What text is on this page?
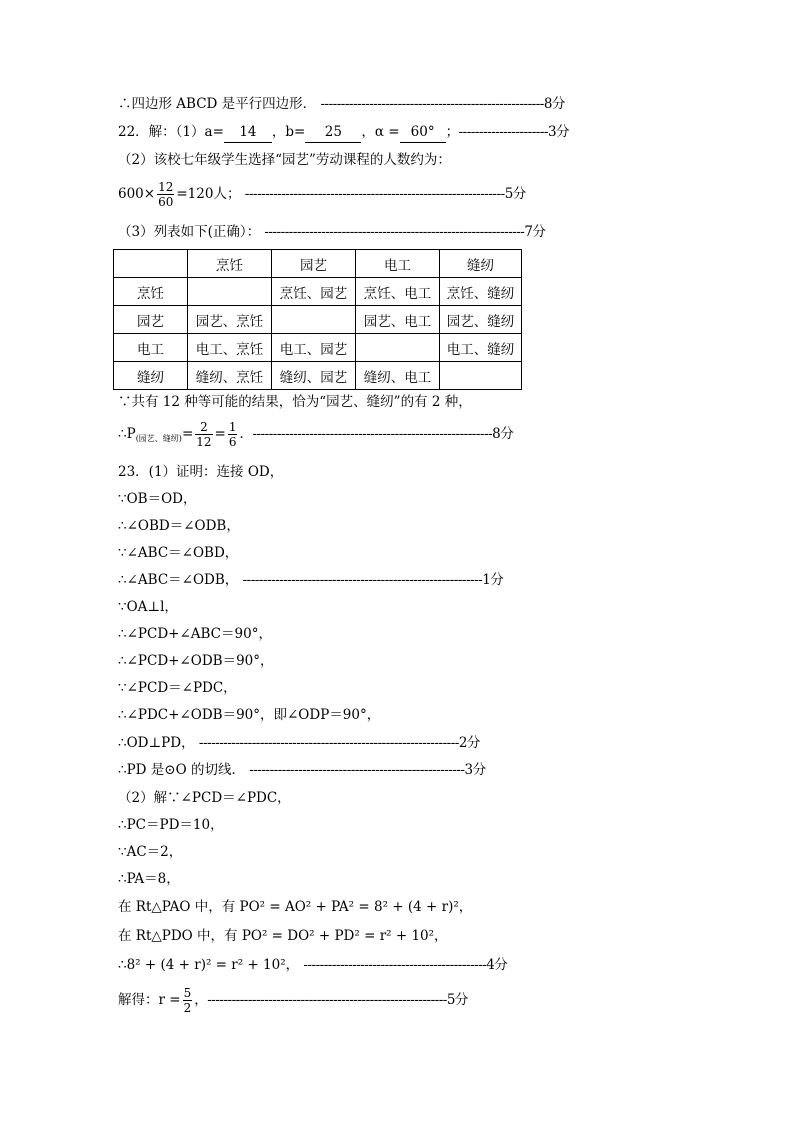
∴四边形 ABCD 是平行四边形． -------------------------------------------------------8分
22．解：（1）a= 14 ，b= 25 ，α = 60° ；----------------------3分
（2）该校七年级学生选择“园艺”劳动课程的人数约为：
$600\times \frac{12}{60} =120$人； ----------------------------------------------------------------5分
（3）列表如下(正确）： ----------------------------------------------------------------7分
	烹饪	园艺	电工	缝纫
烹饪		烹饪、园艺	烹饪、电工	烹饪、缝纫
园艺	园艺、烹饪		园艺、电工	园艺、缝纫
电工	电工、烹饪	电工、园艺		电工、缝纫
缝纫	缝纫、烹饪	缝纫、园艺	缝纫、电工	
∵共有 12 种等可能的结果，恰为“园艺、缝纫”的有 2 种，
$\therefore P_{(园艺、缝纫)}= \frac{2}{12} = \frac{1}{6}$ ．-----------------------------------------------------------8分
23．(1）证明：连接 OD，
∵OB＝OD，
∴∠OBD＝∠ODB，
∵∠ABC＝∠OBD，
∴∠ABC＝∠ODB， -----------------------------------------------------------1分
∵OA⊥l，
∴∠PCD+∠ABC＝90°，
∴∠PCD+∠ODB＝90°，
∵∠PCD＝∠PDC，
∴∠PDC+∠ODB＝90°，即∠ODP＝90°，
∴OD⊥PD， ----------------------------------------------------------------2分
∴PD 是⊙O 的切线． -----------------------------------------------------3分
（2）解∵∠PCD＝∠PDC，
∴PC＝PD＝10，
∵AC＝2，
∴PA＝8，
在 Rt△PAO 中，有 PO² = AO² + PA² = 8² + (4 + r)²，
在 Rt△PDO 中，有 PO² = DO² + PD² = r² + 10²，
∴8² + (4 + r)² = r² + 10²， ---------------------------------------------4分
解得：$r = \frac{5}{2}$ ，-----------------------------------------------------------5分
